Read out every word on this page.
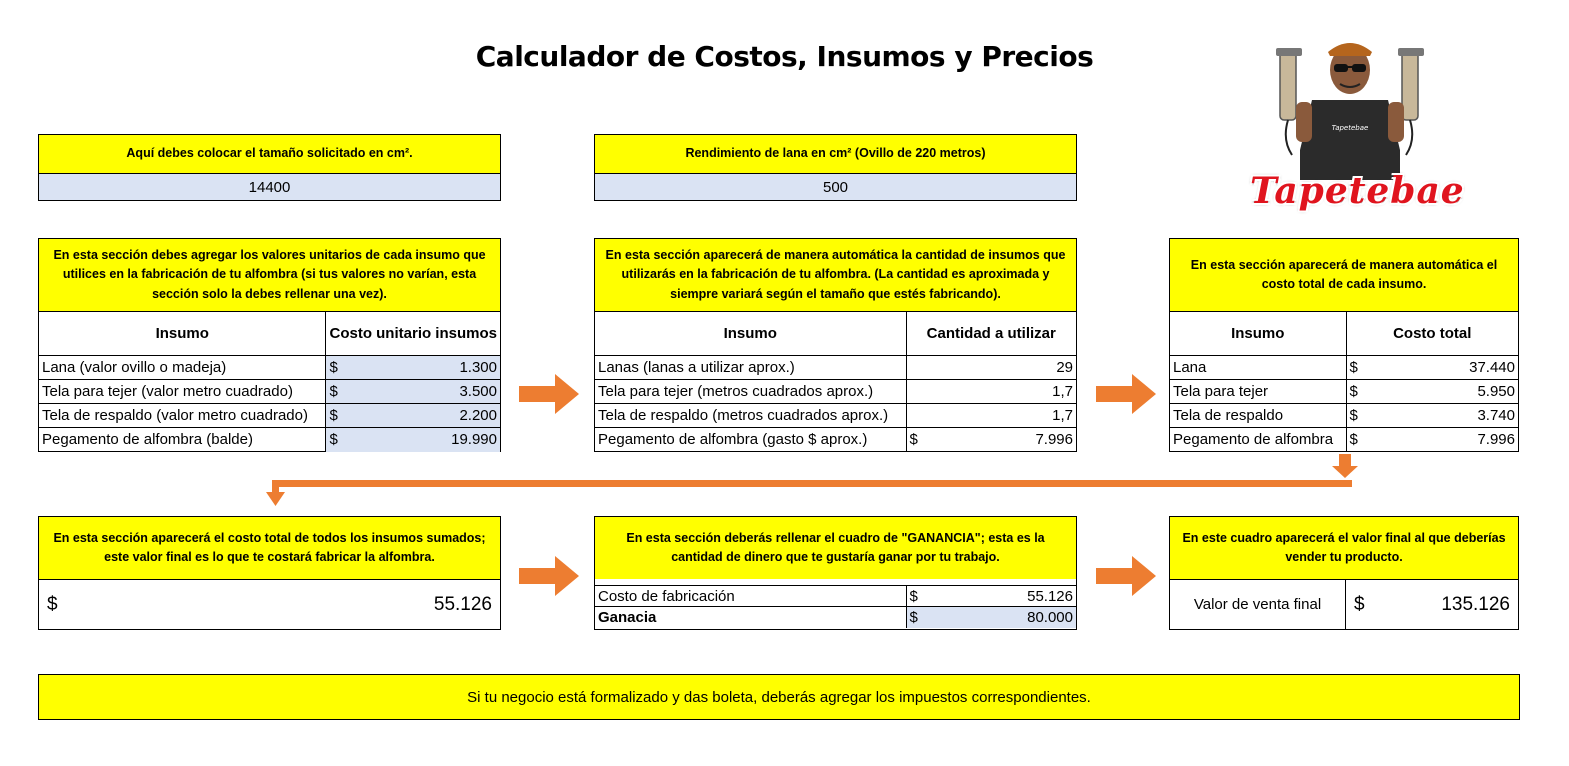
Calculador de Costos, Insumos y Precios
Tapetebae
Tapetebae
Aquí debes colocar el tamaño solicitado en cm².
14400
Rendimiento de lana en cm² (Ovillo de 220 metros)
500
En esta sección debes agregar los valores unitarios de cada insumo que utilices en la fabricación de tu alfombra (si tus valores no varían, esta sección solo la debes rellenar una vez).
Insumo	Costo unitario insumos
Lana (valor ovillo o madeja)	$ 1.300

Tela para tejer (valor metro cuadrado)	$ 3.500

Tela de respaldo (valor metro cuadrado)	$ 2.200

Pegamento de alfombra (balde)	$ 19.990
En esta sección aparecerá de manera automática la cantidad de insumos que utilizarás en la fabricación de tu alfombra. (La cantidad es aproximada y siempre variará según el tamaño que estés fabricando).
Insumo	Cantidad a utilizar
Lanas (lanas a utilizar aprox.)	29
Tela para tejer (metros cuadrados aprox.)	1,7
Tela de respaldo (metros cuadrados aprox.)	1,7
Pegamento de alfombra (gasto $ aprox.)	$ 7.996
En esta sección aparecerá de manera automática el costo total de cada insumo.
Insumo	Costo total
Lana	$ 37.440

Tela para tejer	$ 5.950

Tela de respaldo	$ 3.740

Pegamento de alfombra	$ 7.996
En esta sección aparecerá el costo total de todos los insumos sumados; este valor final es lo que te costará fabricar la alfombra.
$	55.126
En esta sección deberás rellenar el cuadro de "GANANCIA"; esta es la cantidad de dinero que te gustaría ganar por tu trabajo.
Costo de fabricación	$ 55.126

Ganacia	$ 80.000
En este cuadro aparecerá el valor final al que deberías vender tu producto.
Valor de venta final	$	135.126
Si tu negocio está formalizado y das boleta, deberás agregar los impuestos correspondientes.
